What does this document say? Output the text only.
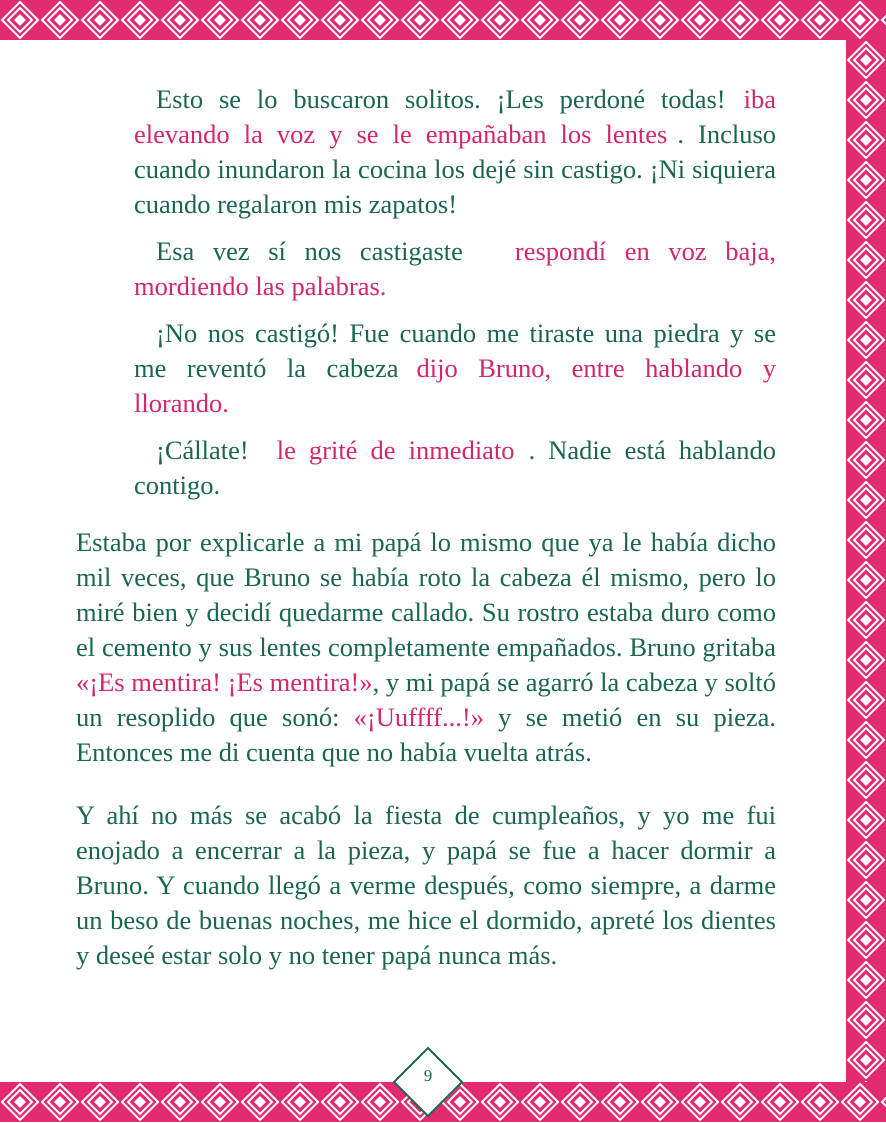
Esto se lo buscaron solitos. ¡Les perdoné todas! iba elevando la voz y se le empañaban los lentes . Incluso cuando inundaron la cocina los dejé sin castigo. ¡Ni siquiera cuando regalaron mis zapatos!

Esa vez sí nos castigaste respondí en voz baja, mordiendo las palabras.

¡No nos castigó! Fue cuando me tiraste una piedra y se me reventó la cabeza dijo Bruno, entre hablando y llorando.

¡Cállate! le grité de inmediato . Nadie está hablando contigo.

Estaba por explicarle a mi papá lo mismo que ya le había dicho mil veces, que Bruno se había roto la cabeza él mismo, pero lo miré bien y decidí quedarme callado. Su rostro estaba duro como el cemento y sus lentes completamente empañados. Bruno gritaba «¡Es mentira! ¡Es mentira!», y mi papá se agarró la cabeza y soltó un resoplido que sonó: «¡Uuffff...!» y se metió en su pieza. Entonces me di cuenta que no había vuelta atrás.

Y ahí no más se acabó la fiesta de cumpleaños, y yo me fui enojado a encerrar a la pieza, y papá se fue a hacer dormir a Bruno. Y cuando llegó a verme después, como siempre, a darme un beso de buenas noches, me hice el dormido, apreté los dientes y deseé estar solo y no tener papá nunca más.

9
